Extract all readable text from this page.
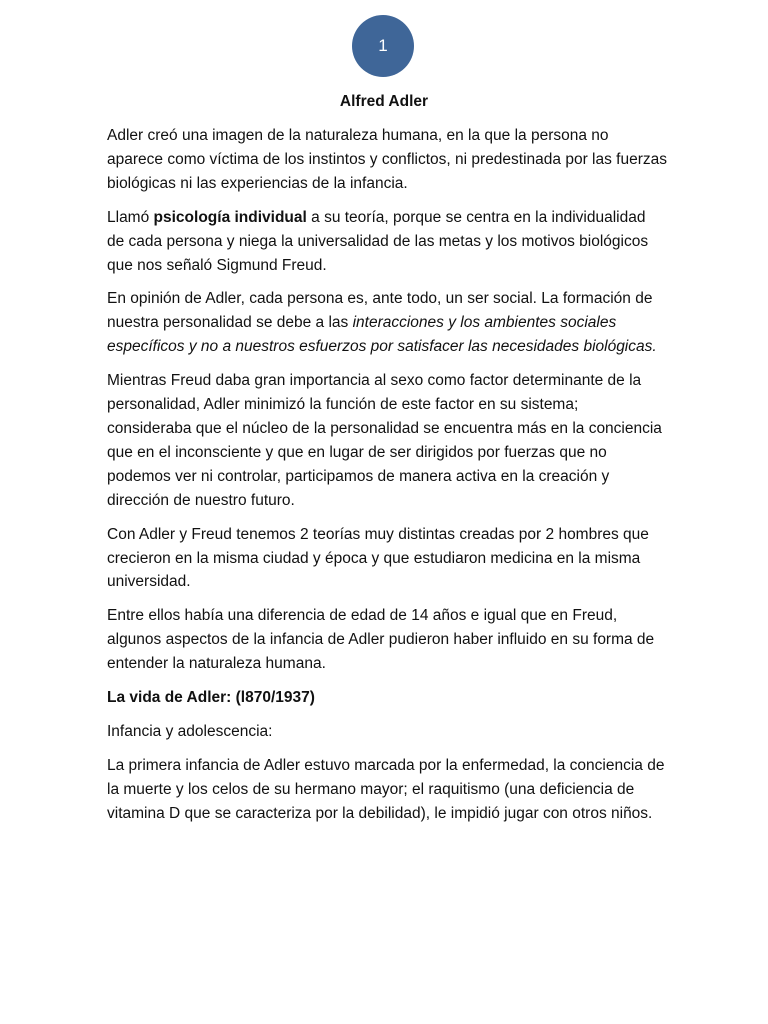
1
Alfred Adler

Adler creó una imagen de la naturaleza humana, en la que la persona no aparece como víctima de los instintos y conflictos, ni predestinada por las fuerzas biológicas ni las experiencias de la infancia.

Llamó psicología individual a su teoría, porque se centra en la individualidad de cada persona y niega la universalidad de las metas y los motivos biológicos que nos señaló Sigmund Freud.

En opinión de Adler, cada persona es, ante todo, un ser social. La formación de nuestra personalidad se debe a las interacciones y los ambientes sociales específicos y no a nuestros esfuerzos por satisfacer las necesidades biológicas.

Mientras Freud daba gran importancia al sexo como factor determinante de la personalidad, Adler minimizó la función de este factor en su sistema; consideraba que el núcleo de la personalidad se encuentra más en la conciencia que en el inconsciente y que en lugar de ser dirigidos por fuerzas que no podemos ver ni controlar, participamos de manera activa en la creación y dirección de nuestro futuro.

Con Adler y Freud tenemos 2 teorías muy distintas creadas por 2 hombres que crecieron en la misma ciudad y época y que estudiaron medicina en la misma universidad.

Entre ellos había una diferencia de edad de 14 años e igual que en Freud, algunos aspectos de la infancia de Adler pudieron haber influido en su forma de entender la naturaleza humana.

La vida de Adler: (l870/1937)

Infancia y adolescencia:

La primera infancia de Adler estuvo marcada por la enfermedad, la conciencia de la muerte y los celos de su hermano mayor; el raquitismo (una deficiencia de vitamina D que se caracteriza por la debilidad), le impidió jugar con otros niños.
